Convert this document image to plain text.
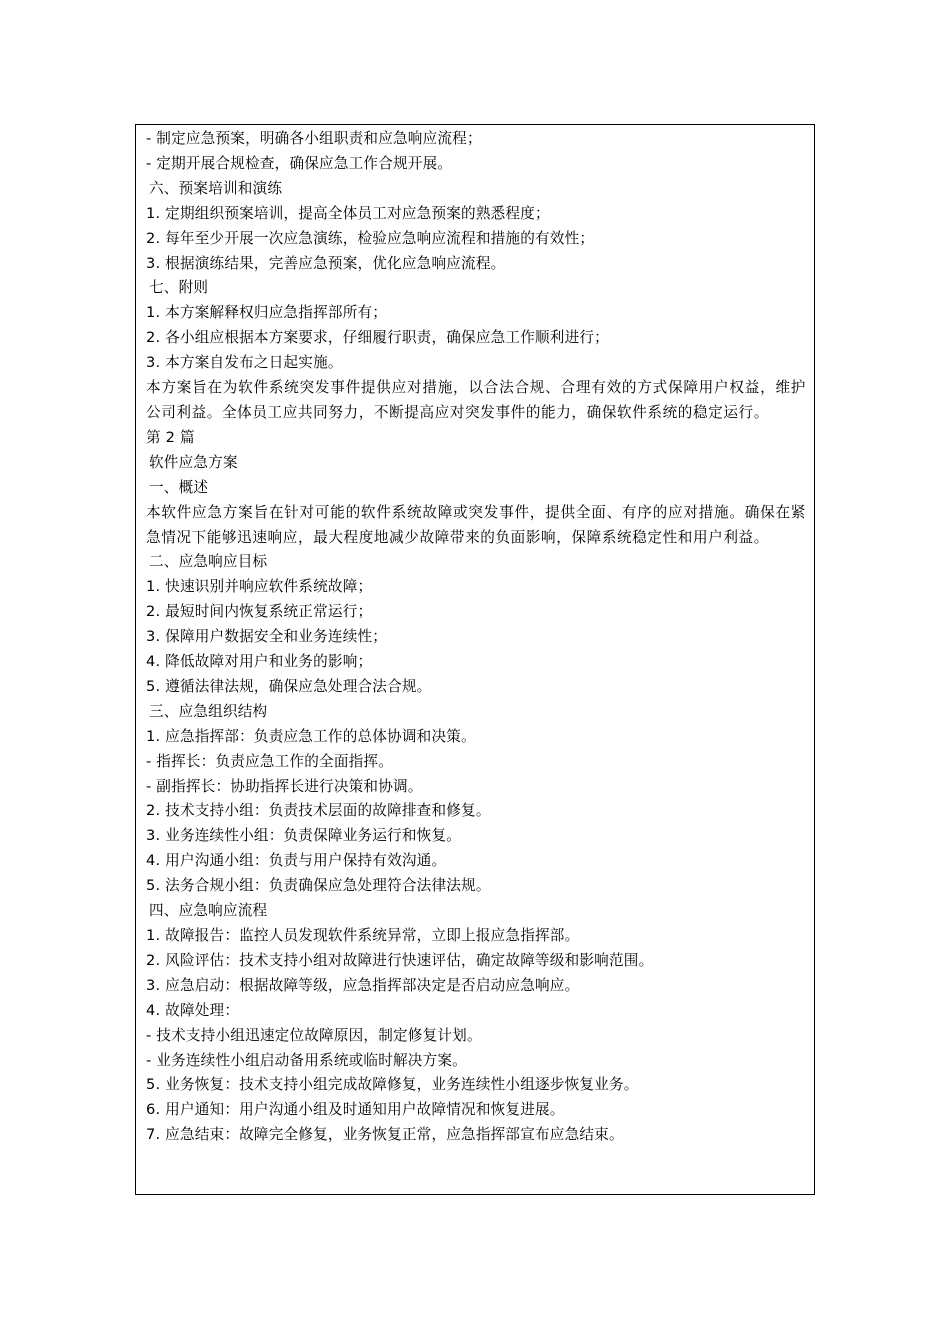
- 制定应急预案，明确各小组职责和应急响应流程；
- 定期开展合规检查，确保应急工作合规开展。
六、预案培训和演练
1. 定期组织预案培训，提高全体员工对应急预案的熟悉程度；
2. 每年至少开展一次应急演练，检验应急响应流程和措施的有效性；
3. 根据演练结果，完善应急预案，优化应急响应流程。
七、附则
1. 本方案解释权归应急指挥部所有；
2. 各小组应根据本方案要求，仔细履行职责，确保应急工作顺利进行；
3. 本方案自发布之日起实施。
本方案旨在为软件系统突发事件提供应对措施，以合法合规、合理有效的方式保障用户权益，维护公司利益。全体员工应共同努力，不断提高应对突发事件的能力，确保软件系统的稳定运行。
第 2 篇
软件应急方案
一、概述
本软件应急方案旨在针对可能的软件系统故障或突发事件，提供全面、有序的应对措施。确保在紧急情况下能够迅速响应，最大程度地减少故障带来的负面影响，保障系统稳定性和用户利益。
二、应急响应目标
1. 快速识别并响应软件系统故障；
2. 最短时间内恢复系统正常运行；
3. 保障用户数据安全和业务连续性；
4. 降低故障对用户和业务的影响；
5. 遵循法律法规，确保应急处理合法合规。
三、应急组织结构
1. 应急指挥部：负责应急工作的总体协调和决策。
- 指挥长：负责应急工作的全面指挥。
- 副指挥长：协助指挥长进行决策和协调。
2. 技术支持小组：负责技术层面的故障排查和修复。
3. 业务连续性小组：负责保障业务运行和恢复。
4. 用户沟通小组：负责与用户保持有效沟通。
5. 法务合规小组：负责确保应急处理符合法律法规。
四、应急响应流程
1. 故障报告：监控人员发现软件系统异常，立即上报应急指挥部。
2. 风险评估：技术支持小组对故障进行快速评估，确定故障等级和影响范围。
3. 应急启动：根据故障等级，应急指挥部决定是否启动应急响应。
4. 故障处理：
- 技术支持小组迅速定位故障原因，制定修复计划。
- 业务连续性小组启动备用系统或临时解决方案。
5. 业务恢复：技术支持小组完成故障修复，业务连续性小组逐步恢复业务。
6. 用户通知：用户沟通小组及时通知用户故障情况和恢复进展。
7. 应急结束：故障完全修复，业务恢复正常，应急指挥部宣布应急结束。
